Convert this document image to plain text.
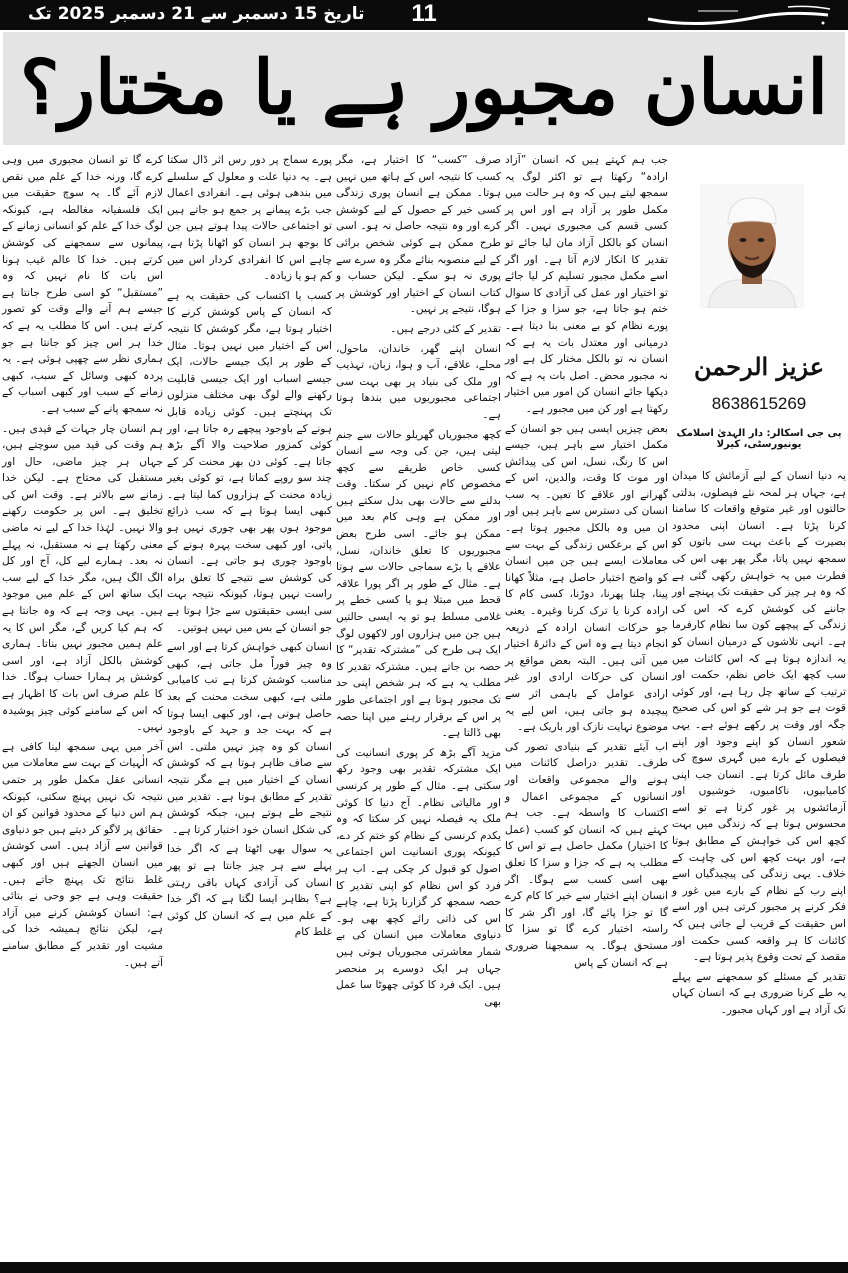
تاریخ 15 دسمبر سے 21 دسمبر 2025 تک	11
انسان مجبور ہے یا مختار؟
عزیز الرحمن
8638615269
پی جی اسکالر: دار الہدیٰ اسلامک یونیورسٹی، کیرلا

یہ دنیا انسان کے لیے آزمائش کا میدان ہے، جہاں ہر لمحہ نئے فیصلوں، بدلتی حالتوں اور غیر متوقع واقعات کا سامنا کرنا پڑتا ہے۔ انسان اپنی محدود بصیرت کے باعث بہت سی باتوں کو سمجھ نہیں پاتا، مگر پھر بھی اس کی فطرت میں یہ خواہش رکھی گئی ہے کہ وہ ہر چیز کی حقیقت تک پہنچے اور جاننے کی کوشش کرے کہ اس کی زندگی کے پیچھے کون سا نظام کارفرما ہے۔ انہی تلاشوں کے درمیان انسان کو یہ اندازہ ہوتا ہے کہ اس کائنات میں سب کچھ ایک خاص نظم، حکمت اور ترتیب کے ساتھ چل رہا ہے، اور کوئی قوت ہے جو ہر شے کو اس کی صحیح جگہ اور وقت پر رکھے ہوئے ہے۔ یہی شعور انسان کو اپنے وجود اور اپنے فیصلوں کے بارے میں گہری سوچ کی طرف مائل کرتا ہے۔ انسان جب اپنی کامیابیوں، ناکامیوں، خوشیوں اور آزمائشوں پر غور کرتا ہے تو اسے محسوس ہوتا ہے کہ زندگی میں بہت کچھ اس کی خواہش کے مطابق ہوتا ہے، اور بہت کچھ اس کی چاہت کے خلاف۔ یہی زندگی کی پیچیدگیاں اسے اپنے رب کے نظام کے بارے میں غور و فکر کرنے پر مجبور کرتی ہیں اور اسے اس حقیقت کے قریب لے جاتی ہیں کہ کائنات کا ہر واقعہ کسی حکمت اور مقصد کے تحت وقوع پذیر ہوتا ہے۔

تقدیر کے مسئلے کو سمجھنے سے پہلے یہ طے کرنا ضروری ہے کہ انسان کہاں تک آزاد ہے اور کہاں مجبور۔

جب ہم کہتے ہیں کہ انسان ”آزاد ارادہ“ رکھتا ہے تو اکثر لوگ یہ سمجھ لیتے ہیں کہ وہ ہر حالت میں مکمل طور پر آزاد ہے اور اس پر کسی قسم کی مجبوری نہیں۔ اگر انسان کو بالکل آزاد مان لیا جائے تو تقدیر کا انکار لازم آتا ہے۔ اور اگر اسے مکمل مجبور تسلیم کر لیا جائے تو اختیار اور عمل کی آزادی کا سوال ختم ہو جاتا ہے، جو سزا و جزا کے پورے نظام کو بے معنی بنا دیتا ہے۔ درمیانی اور معتدل بات یہ ہے کہ انسان نہ تو بالکل مختار کل ہے اور نہ مجبور محض۔ اصل بات یہ ہے کہ دیکھا جائے انسان کن امور میں اختیار رکھتا ہے اور کن میں مجبور ہے۔

بعض چیزیں ایسی ہیں جو انسان کے مکمل اختیار سے باہر ہیں، جیسے اس کا رنگ، نسل، اس کی پیدائش اور موت کا وقت، والدین، اس کے گھرانے اور علاقے کا تعین۔ یہ سب انسان کی دسترس سے باہر ہیں اور ان میں وہ بالکل مجبور ہوتا ہے۔ اس کے برعکس زندگی کے بہت سے معاملات ایسے ہیں جن میں انسان کو واضح اختیار حاصل ہے، مثلاً کھانا پینا، چلنا پھرنا، دوڑنا، کسی کام کا ارادہ کرنا یا ترک کرنا وغیرہ۔ یعنی جو حرکات انسان ارادہ کے ذریعہ انجام دیتا ہے وہ اس کے دائرۂ اختیار میں آتی ہیں۔ البتہ بعض مواقع پر انسان کی حرکات ارادی اور غیر ارادی عوامل کے باہمی اثر سے پیچیدہ ہو جاتی ہیں، اس لیے یہ موضوع نہایت نازک اور باریک ہے۔

اب آیئے تقدیر کے بنیادی تصور کی طرف۔ تقدیر دراصل کائنات میں ہونے والے مجموعی واقعات اور انسانوں کے مجموعی اعمال و اکتساب کا واسطہ ہے۔ جب ہم کہتے ہیں کہ انسان کو کسب (عمل کا اختیار) مکمل حاصل ہے تو اس کا مطلب یہ ہے کہ جزا و سزا کا تعلق بھی اسی کسب سے ہوگا۔ اگر انسان اپنے اختیار سے خیر کا کام کرے گا تو جزا پائے گا، اور اگر شر کا راستہ اختیار کرے گا تو سزا کا مستحق ہوگا۔ یہ سمجھنا ضروری ہے کہ انسان کے پاس

صرف ”کسب“ کا اختیار ہے، مگر کسب کا نتیجہ اس کے ہاتھ میں نہیں ہوتا۔ ممکن ہے انسان پوری زندگی کسی خیر کے حصول کے لیے کوشش کرے اور وہ نتیجہ حاصل نہ ہو۔ اسی طرح ممکن ہے کوئی شخص برائی کے لیے منصوبہ بنائے مگر وہ سرے سے پوری نہ ہو سکے۔ لیکن حساب و کتاب انسان کے اختیار اور کوشش پر ہوگا، نتیجے پر نہیں۔

تقدیر کے کئی درجے ہیں۔

انسان اپنے گھر، خاندان، ماحول، محلے، علاقے، آب و ہوا، زبان، تہذیب اور ملک کی بنیاد پر بھی بہت سی اجتماعی مجبوریوں میں بندھا ہوتا ہے۔

کچھ مجبوریاں گھریلو حالات سے جنم لیتی ہیں، جن کی وجہ سے انسان کسی خاص طریقے سے کچھ مخصوص کام نہیں کر سکتا۔ وقت بدلنے سے حالات بھی بدل سکتے ہیں اور ممکن ہے وہی کام بعد میں ممکن ہو جائے۔ اسی طرح بعض مجبوریوں کا تعلق خاندان، نسل، علاقے یا بڑے سماجی حالات سے ہوتا ہے۔ مثال کے طور پر اگر پورا علاقہ قحط میں مبتلا ہو یا کسی خطے پر غلامی مسلط ہو تو یہ ایسی حالتیں ہیں جن میں ہزاروں اور لاکھوں لوگ ایک ہی طرح کی ”مشترکہ تقدیر“ کا حصہ بن جاتے ہیں۔ مشترکہ تقدیر کا مطلب یہ ہے کہ ہر شخص اپنی حد تک مجبور ہوتا ہے اور اجتماعی طور پر اس کے برقرار رہنے میں اپنا حصہ بھی ڈالتا ہے۔

مزید آگے بڑھ کر پوری انسانیت کی ایک مشترکہ تقدیر بھی وجود رکھ سکتی ہے۔ مثال کے طور پر کرنسی اور مالیاتی نظام۔ آج دنیا کا کوئی ملک یہ فیصلہ نہیں کر سکتا کہ وہ یکدم کرنسی کے نظام کو ختم کر دے، کیونکہ پوری انسانیت اس اجتماعی اصول کو قبول کر چکی ہے۔ اب ہر فرد کو اس نظام کو اپنی تقدیر کا حصہ سمجھ کر گزارنا پڑتا ہے، چاہے اس کی ذاتی رائے کچھ بھی ہو۔ دنیاوی معاملات میں انسان کی بے شمار معاشرتی مجبوریاں ہوتی ہیں جہاں ہر ایک دوسرے پر منحصر ہیں۔ ایک فرد کا کوئی چھوٹا سا عمل بھی

پورے سماج پر دور رس اثر ڈال سکتا ہے۔ یہ دنیا علت و معلول کے سلسلے میں بندھی ہوئی ہے۔ انفرادی اعمال جب بڑے پیمانے پر جمع ہو جاتے ہیں تو اجتماعی حالات پیدا ہوتے ہیں جن کا بوجھ ہر انسان کو اٹھانا پڑتا ہے، چاہے اس کا انفرادی کردار اس میں کم ہو یا زیادہ۔

کسب یا اکتساب کی حقیقت یہ ہے کہ انسان کے پاس کوشش کرنے کا اختیار ہوتا ہے، مگر کوشش کا نتیجہ اس کے اختیار میں نہیں ہوتا۔ مثال کے طور پر ایک جیسے حالات، ایک جیسے اسباب اور ایک جیسی قابلیت رکھنے والے لوگ بھی مختلف منزلوں تک پہنچتے ہیں۔ کوئی زیادہ قابل ہونے کے باوجود پیچھے رہ جاتا ہے، اور کوئی کمزور صلاحیت والا آگے بڑھ جاتا ہے۔ کوئی دن بھر محنت کر کے چند سو روپے کماتا ہے، تو کوئی بغیر زیادہ محنت کے ہزاروں کما لیتا ہے۔ کبھی ایسا ہوتا ہے کہ سب ذرائع موجود ہوں پھر بھی چوری نہیں ہو پاتی، اور کبھی سخت پہرہ ہونے کے باوجود چوری ہو جاتی ہے۔ انسان کی کوشش سے نتیجے کا تعلق براہ راست نہیں ہوتا، کیونکہ نتیجہ بہت سی ایسی حقیقتوں سے جڑا ہوتا ہے جو انسان کے بس میں نہیں ہوتیں۔

انسان کبھی خواہش کرتا ہے اور اسے وہ چیز فوراً مل جاتی ہے، کبھی مناسب کوشش کرتا ہے تب کامیابی ملتی ہے، کبھی سخت محنت کے بعد حاصل ہوتی ہے، اور کبھی ایسا ہوتا ہے کہ بہت جد و جہد کے باوجود انسان کو وہ چیز نہیں ملتی۔ اس سے صاف ظاہر ہوتا ہے کہ کوشش انسان کے اختیار میں ہے مگر نتیجہ تقدیر کے مطابق ہوتا ہے۔ تقدیر میں نتیجے طے ہوتے ہیں، جبکہ کوشش کی شکل انسان خود اختیار کرتا ہے۔

یہ سوال بھی اٹھتا ہے کہ اگر خدا پہلے سے ہر چیز جانتا ہے تو پھر انسان کی آزادی کہاں باقی رہتی ہے؟ بظاہر ایسا لگتا ہے کہ اگر خدا کے علم میں ہے کہ انسان کل کوئی غلط کام

کرے گا تو انسان مجبوری میں وہی کرے گا، ورنہ خدا کے علم میں نقص لازم آئے گا۔ یہ سوچ حقیقت میں ایک فلسفیانہ مغالطہ ہے، کیونکہ لوگ خدا کے علم کو انسانی زمانے کے پیمانوں سے سمجھنے کی کوشش کرتے ہیں۔ خدا کا عالم غیب ہونا اس بات کا نام نہیں کہ وہ ”مستقبل“ کو اسی طرح جانتا ہے جیسے ہم آنے والے وقت کو تصور کرتے ہیں۔ اس کا مطلب یہ ہے کہ خدا ہر اس چیز کو جانتا ہے جو ہماری نظر سے چھپی ہوئی ہے۔ یہ پردہ کبھی وسائل کے سبب، کبھی زمانے کے سبب اور کبھی اسباب کے نہ سمجھ پانے کے سبب ہے۔

ہم انسان چار جہات کے قیدی ہیں۔ ہم وقت کی قید میں سوچتے ہیں، جہاں ہر چیز ماضی، حال اور مستقبل کی محتاج ہے۔ لیکن خدا زمانے سے بالاتر ہے۔ وقت اس کی تخلیق ہے۔ اس پر حکومت رکھنے والا نہیں۔ لہٰذا خدا کے لیے نہ ماضی معنی رکھتا ہے نہ مستقبل، نہ پہلے نہ بعد۔ ہمارے لیے کل، آج اور کل الگ الگ ہیں، مگر خدا کے لیے سب ایک ساتھ اس کے علم میں موجود ہیں۔ یہی وجہ ہے کہ وہ جانتا ہے کہ ہم کیا کریں گے، مگر اس کا یہ علم ہمیں مجبور نہیں بناتا۔ ہماری کوشش بالکل آزاد ہے، اور اسی کوشش پر ہمارا حساب ہوگا۔ خدا کا علم صرف اس بات کا اظہار ہے کہ اس کے سامنے کوئی چیز پوشیدہ نہیں۔

آخر میں یہی سمجھ لینا کافی ہے کہ الٰہیات کے بہت سے معاملات میں انسانی عقل مکمل طور پر حتمی نتیجہ تک نہیں پہنچ سکتی، کیونکہ ہم اس دنیا کے محدود قوانین کو ان حقائق پر لاگو کر دیتے ہیں جو دنیاوی قوانین سے آزاد ہیں۔ اسی کوشش میں انسان الجھتے ہیں اور کبھی غلط نتائج تک پہنچ جاتے ہیں۔ حقیقت وہی ہے جو وحی نے بتائی ہے: انسان کوشش کرنے میں آزاد ہے، لیکن نتائج ہمیشہ خدا کی مشیت اور تقدیر کے مطابق سامنے آتے ہیں۔
